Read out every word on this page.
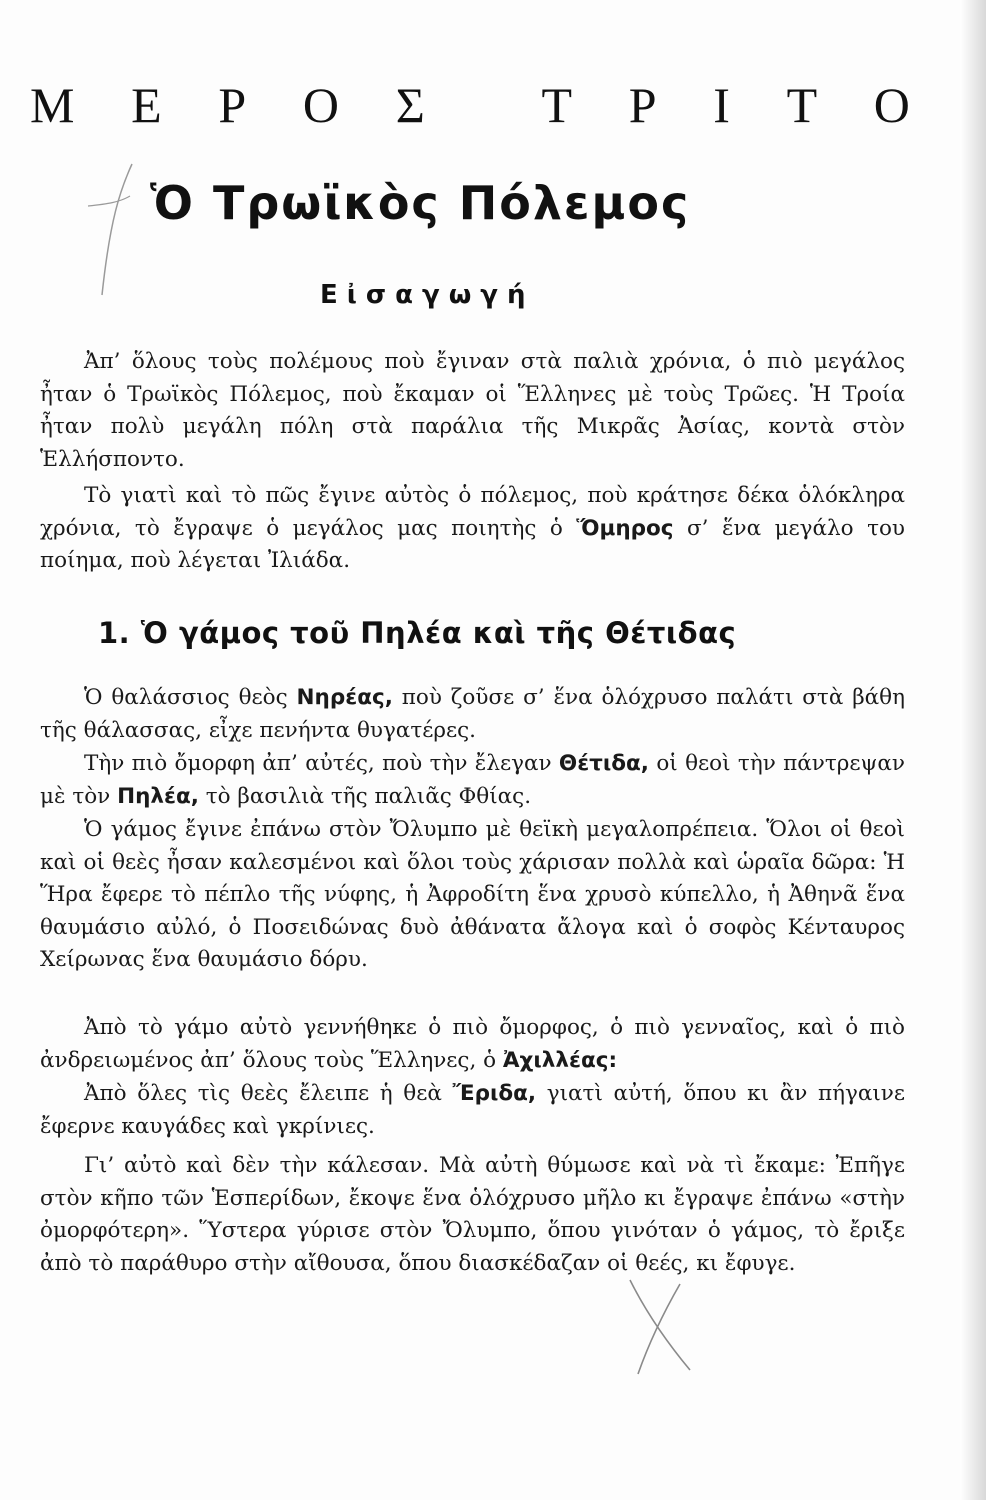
Μ Ε Ρ Ο Σ Τ Ρ Ι Τ Ο
Ὁ Τρωϊκὸς Πόλεμος
Εἰσαγωγή

Ἀπ’ ὅλους τοὺς πολέμους ποὺ ἔγιναν στὰ παλιὰ χρόνια, ὁ πιὸ μεγάλος ἦταν ὁ Τρωϊκὸς Πόλεμος, ποὺ ἔκαμαν οἱ Ἕλληνες μὲ τοὺς Τρῶες. Ἡ Τροία ἦταν πολὺ μεγάλη πόλη στὰ παράλια τῆς Μικρᾶς Ἀσίας, κοντὰ στὸν Ἑλλήσποντο.

Τὸ γιατὶ καὶ τὸ πῶς ἔγινε αὐτὸς ὁ πόλεμος, ποὺ κράτησε δέκα ὁλόκληρα χρόνια, τὸ ἔγραψε ὁ μεγάλος μας ποιητὴς ὁ Ὅμηρος σ’ ἕνα μεγάλο του ποίημα, ποὺ λέγεται Ἰλιάδα.

1. Ὁ γάμος τοῦ Πηλέα καὶ τῆς Θέτιδας

Ὁ θαλάσσιος θεὸς Νηρέας, ποὺ ζοῦσε σ’ ἕνα ὁλόχρυσο παλάτι στὰ βάθη τῆς θάλασσας, εἶχε πενήντα θυγατέρες.

Τὴν πιὸ ὄμορφη ἀπ’ αὐτές, ποὺ τὴν ἔλεγαν Θέτιδα, οἱ θεοὶ τὴν πάντρεψαν μὲ τὸν Πηλέα, τὸ βασιλιὰ τῆς παλιᾶς Φθίας.

Ὁ γάμος ἔγινε ἐπάνω στὸν Ὄλυμπο μὲ θεϊκὴ μεγαλοπρέπεια. Ὅλοι οἱ θεοὶ καὶ οἱ θεὲς ἦσαν καλεσμένοι καὶ ὅλοι τοὺς χάρισαν πολλὰ καὶ ὡραῖα δῶρα: Ἡ Ἥρα ἔφερε τὸ πέπλο τῆς νύφης, ἡ Ἀφροδίτη ἕνα χρυσὸ κύπελλο, ἡ Ἀθηνᾶ ἕνα θαυμάσιο αὐλό, ὁ Ποσειδώνας δυὸ ἀθάνατα ἄλογα καὶ ὁ σοφὸς Κένταυρος Χείρωνας ἕνα θαυμάσιο δόρυ.

Ἀπὸ τὸ γάμο αὐτὸ γεννήθηκε ὁ πιὸ ὄμορφος, ὁ πιὸ γενναῖος, καὶ ὁ πιὸ ἀνδρειωμένος ἀπ’ ὅλους τοὺς Ἕλληνες, ὁ Ἀχιλλέας:

Ἀπὸ ὅλες τὶς θεὲς ἔλειπε ἡ θεὰ Ἔριδα, γιατὶ αὐτή, ὅπου κι ἂν πήγαινε ἔφερνε καυγάδες καὶ γκρίνιες.

Γι’ αὐτὸ καὶ δὲν τὴν κάλεσαν. Μὰ αὐτὴ θύμωσε καὶ νὰ τὶ ἔκαμε: Ἐπῆγε στὸν κῆπο τῶν Ἑσπερίδων, ἔκοψε ἕνα ὁλόχρυσο μῆλο κι ἔγραψε ἐπάνω «στὴν ὀμορφότερη». Ὕστερα γύρισε στὸν Ὄλυμπο, ὅπου γινόταν ὁ γάμος, τὸ ἔριξε ἀπὸ τὸ παράθυρο στὴν αἴθουσα, ὅπου διασκέδαζαν οἱ θεές, κι ἔφυγε.
